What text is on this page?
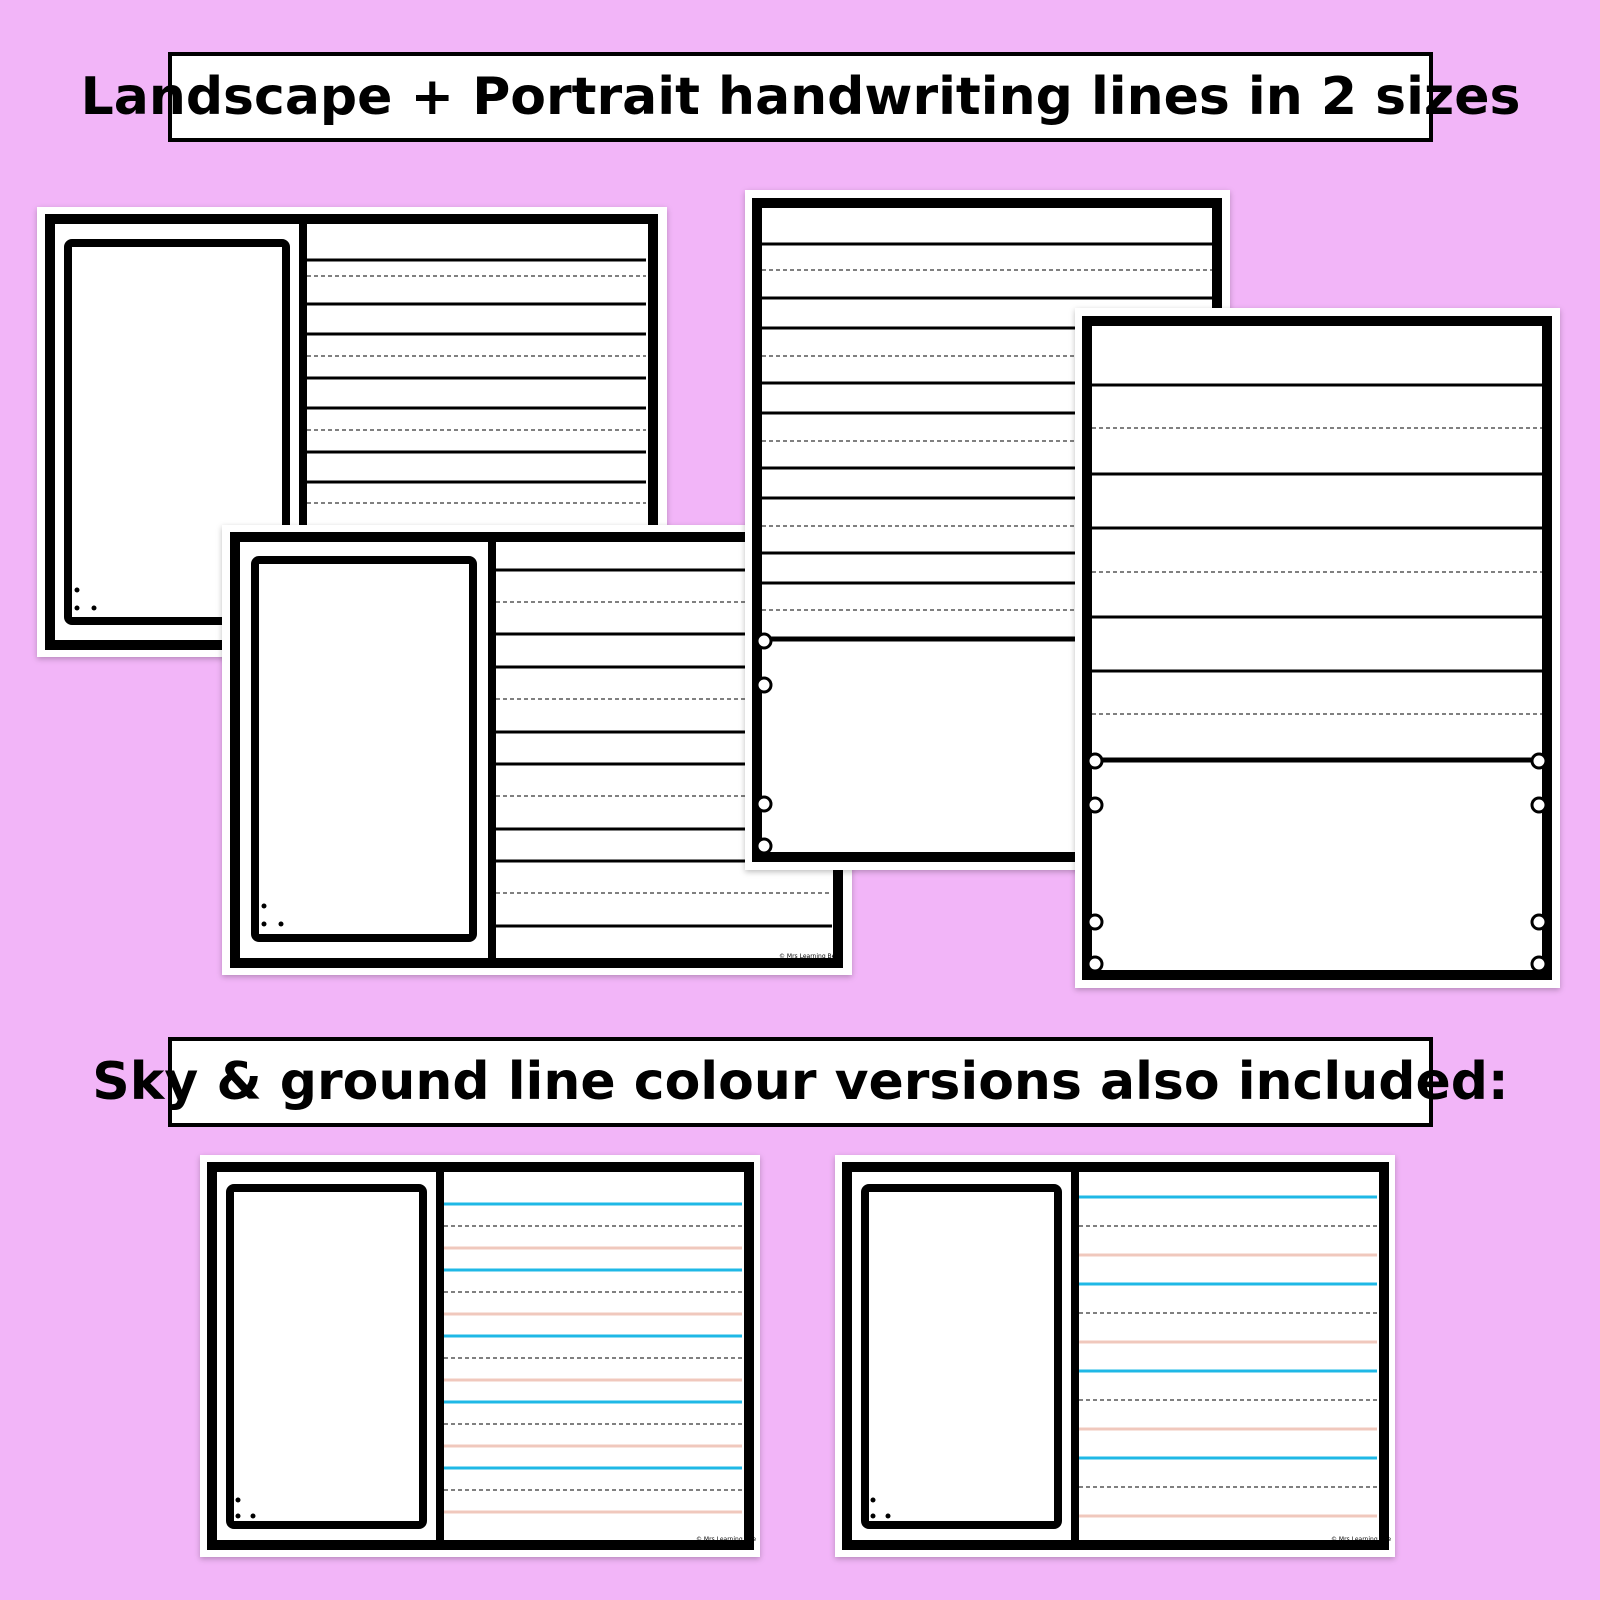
Landscape + Portrait handwriting lines in 2 sizes
© Mrs Learning Bee
© Mrs Learning Bee	© Mrs Learning Bee
Sky & ground line colour versions also included:
